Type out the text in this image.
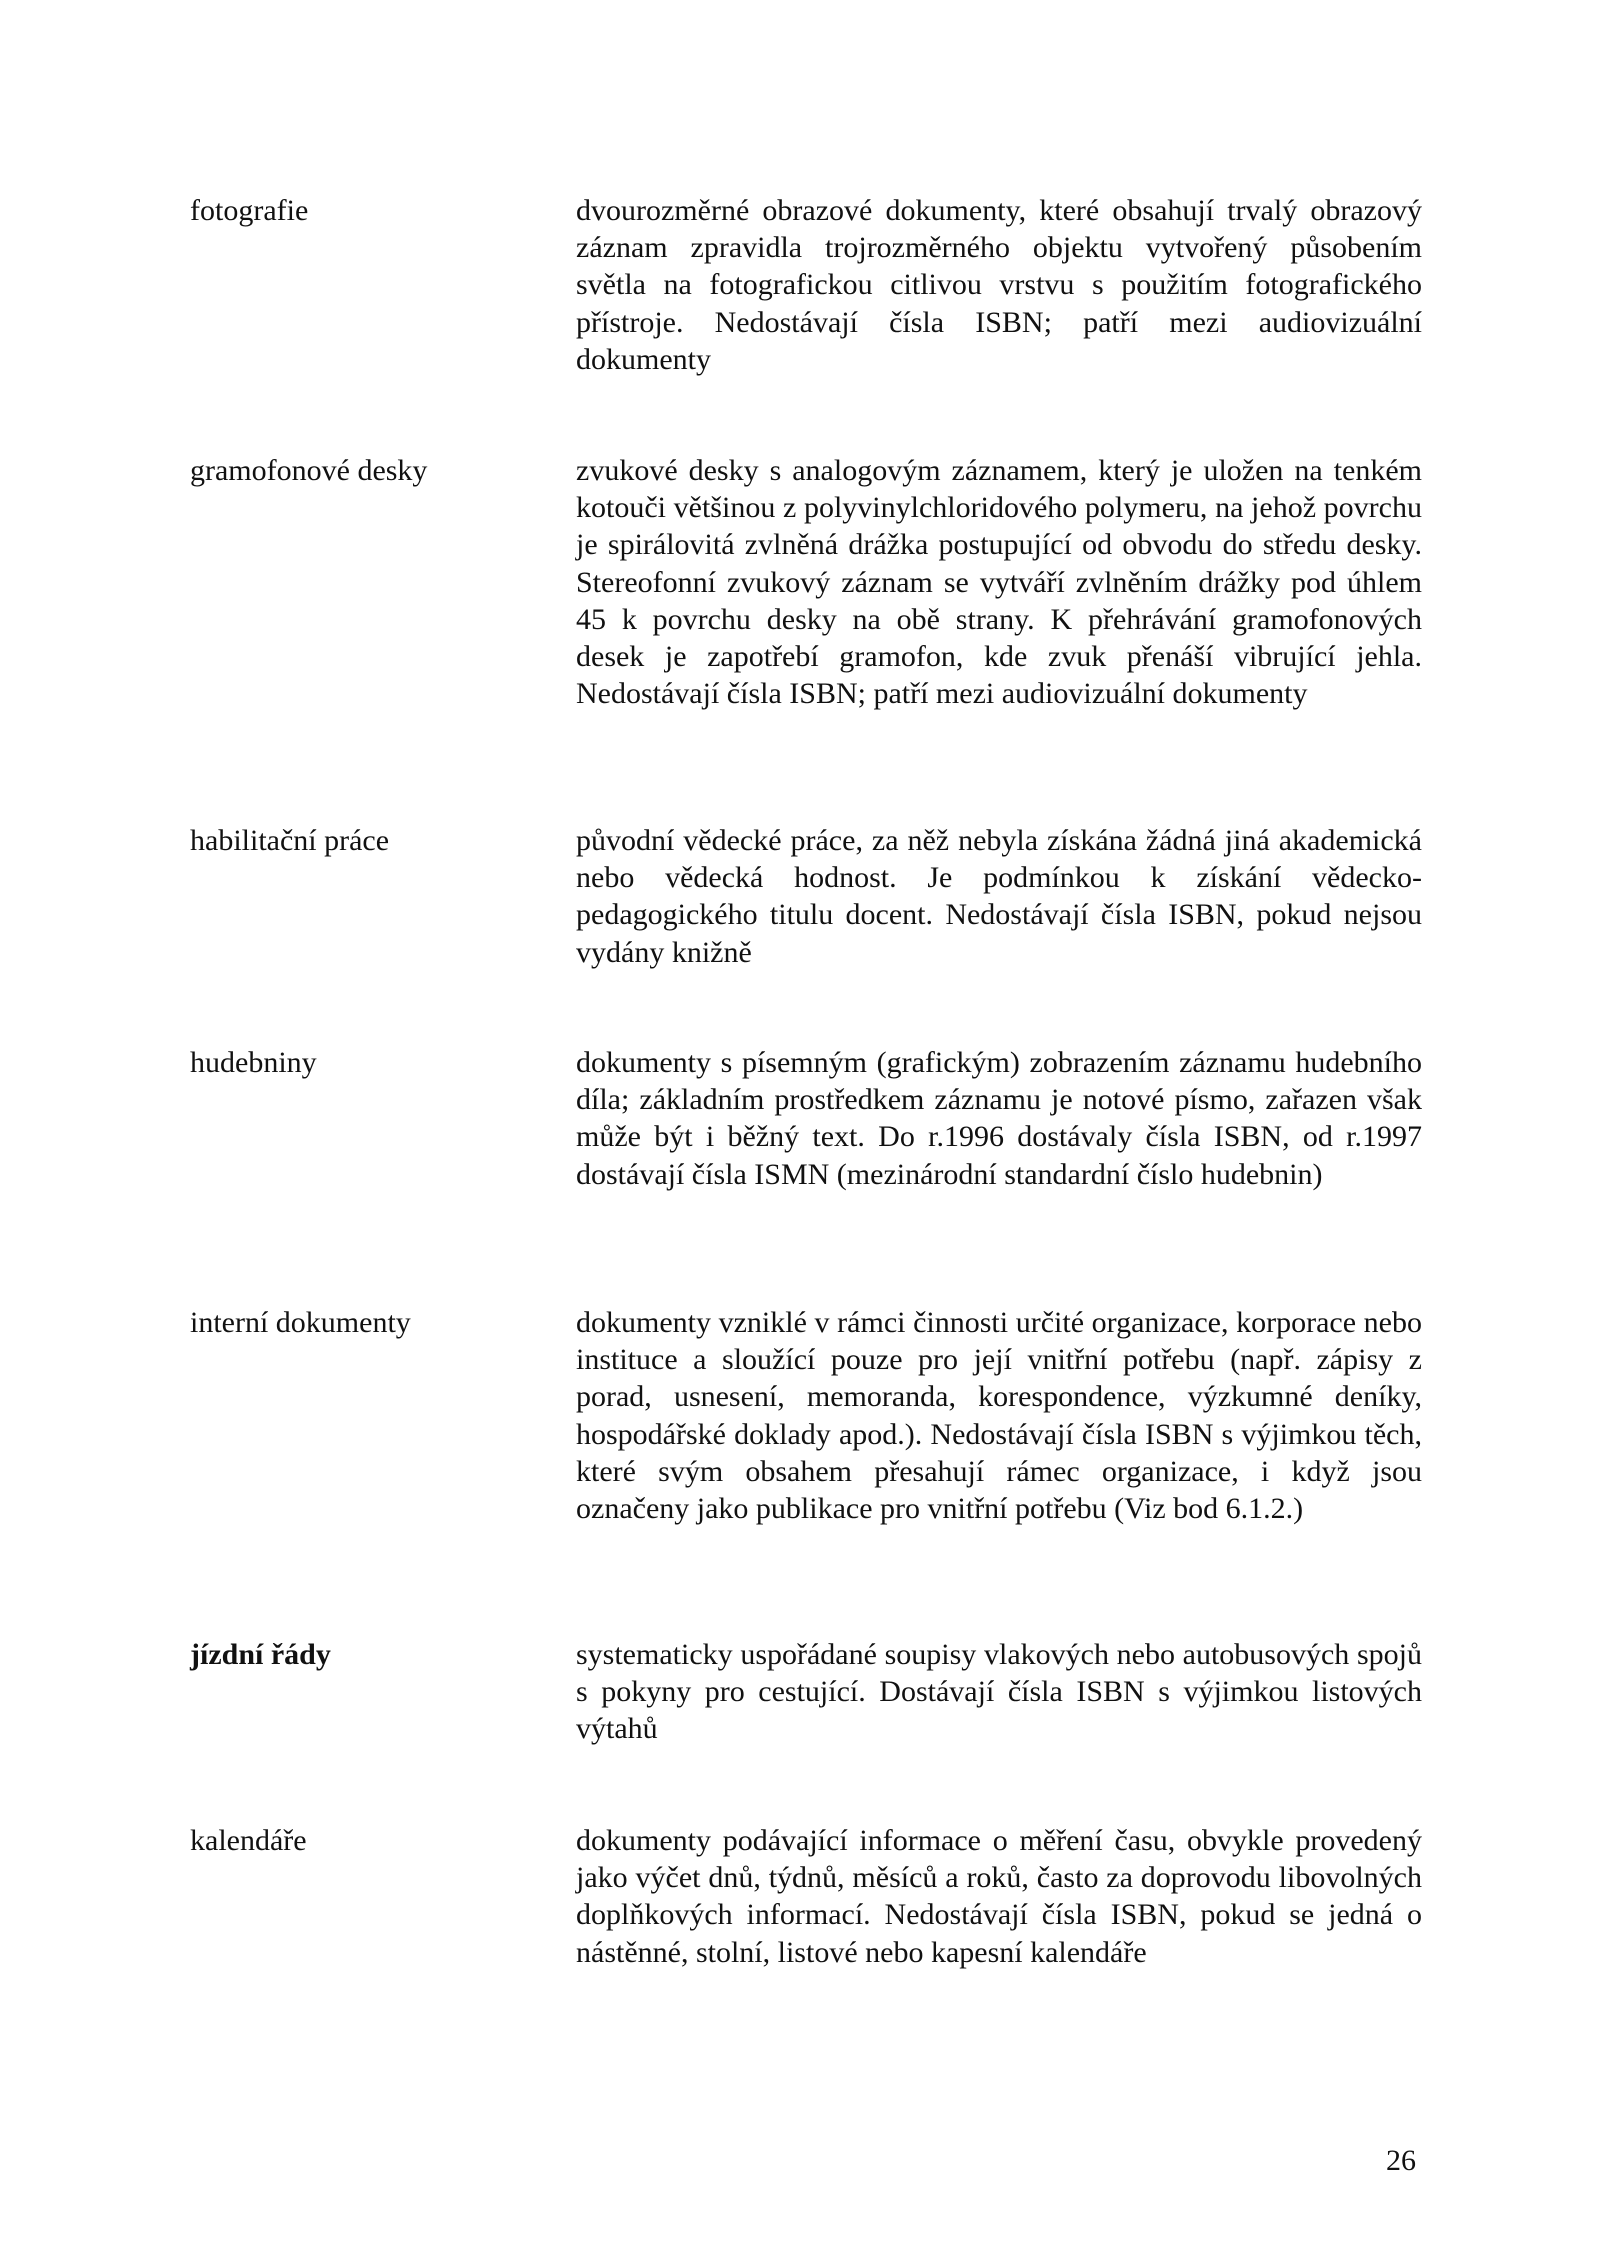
fotografie	dvourozměrné obrazové dokumenty, které obsahují trvalý obrazový záznam zpravidla trojrozměrného objektu vytvořený působením světla na fotografickou citlivou vrstvu s použitím fotografického přístroje. Nedostávají čísla ISBN; patří mezi audiovizuální dokumenty
gramofonové desky	zvukové desky s analogovým záznamem, který je uložen na tenkém kotouči většinou z polyvinylchloridového polymeru, na jehož povrchu je spirálovitá zvlněná drážka postupující od obvodu do středu desky. Stereofonní zvukový záznam se vytváří zvlněním drážky pod úhlem 45 k povrchu desky na obě strany. K přehrávání gramofonových desek je zapotřebí gramofon, kde zvuk přenáší vibrující jehla. Nedostávají čísla ISBN; patří mezi audiovizuální dokumenty
habilitační práce	původní vědecké práce, za něž nebyla získána žádná jiná akademická nebo vědecká hodnost. Je podmínkou k získání vědecko-pedagogického titulu docent. Nedostávají čísla ISBN, pokud nejsou vydány knižně
hudebniny	dokumenty s písemným (grafickým) zobrazením záznamu hudebního díla; základním prostředkem záznamu je notové písmo, zařazen však může být i běžný text. Do r.1996 dostávaly čísla ISBN, od r.1997 dostávají čísla ISMN (mezinárodní standardní číslo hudebnin)
interní dokumenty	dokumenty vzniklé v rámci činnosti určité organizace, korporace nebo instituce a sloužící pouze pro její vnitřní potřebu (např. zápisy z porad, usnesení, memoranda, korespondence, výzkumné deníky, hospodářské doklady apod.). Nedostávají čísla ISBN s výjimkou těch, které svým obsahem přesahují rámec organizace, i když jsou označeny jako publikace pro vnitřní potřebu (Viz bod 6.1.2.)
jízdní řády	systematicky uspořádané soupisy vlakových nebo autobusových spojů s pokyny pro cestující. Dostávají čísla ISBN s výjimkou listových výtahů
kalendáře	dokumenty podávající informace o měření času, obvykle provedený jako výčet dnů, týdnů, měsíců a roků, často za doprovodu libovolných doplňkových informací. Nedostávají čísla ISBN, pokud se jedná o nástěnné, stolní, listové nebo kapesní kalendáře
26
